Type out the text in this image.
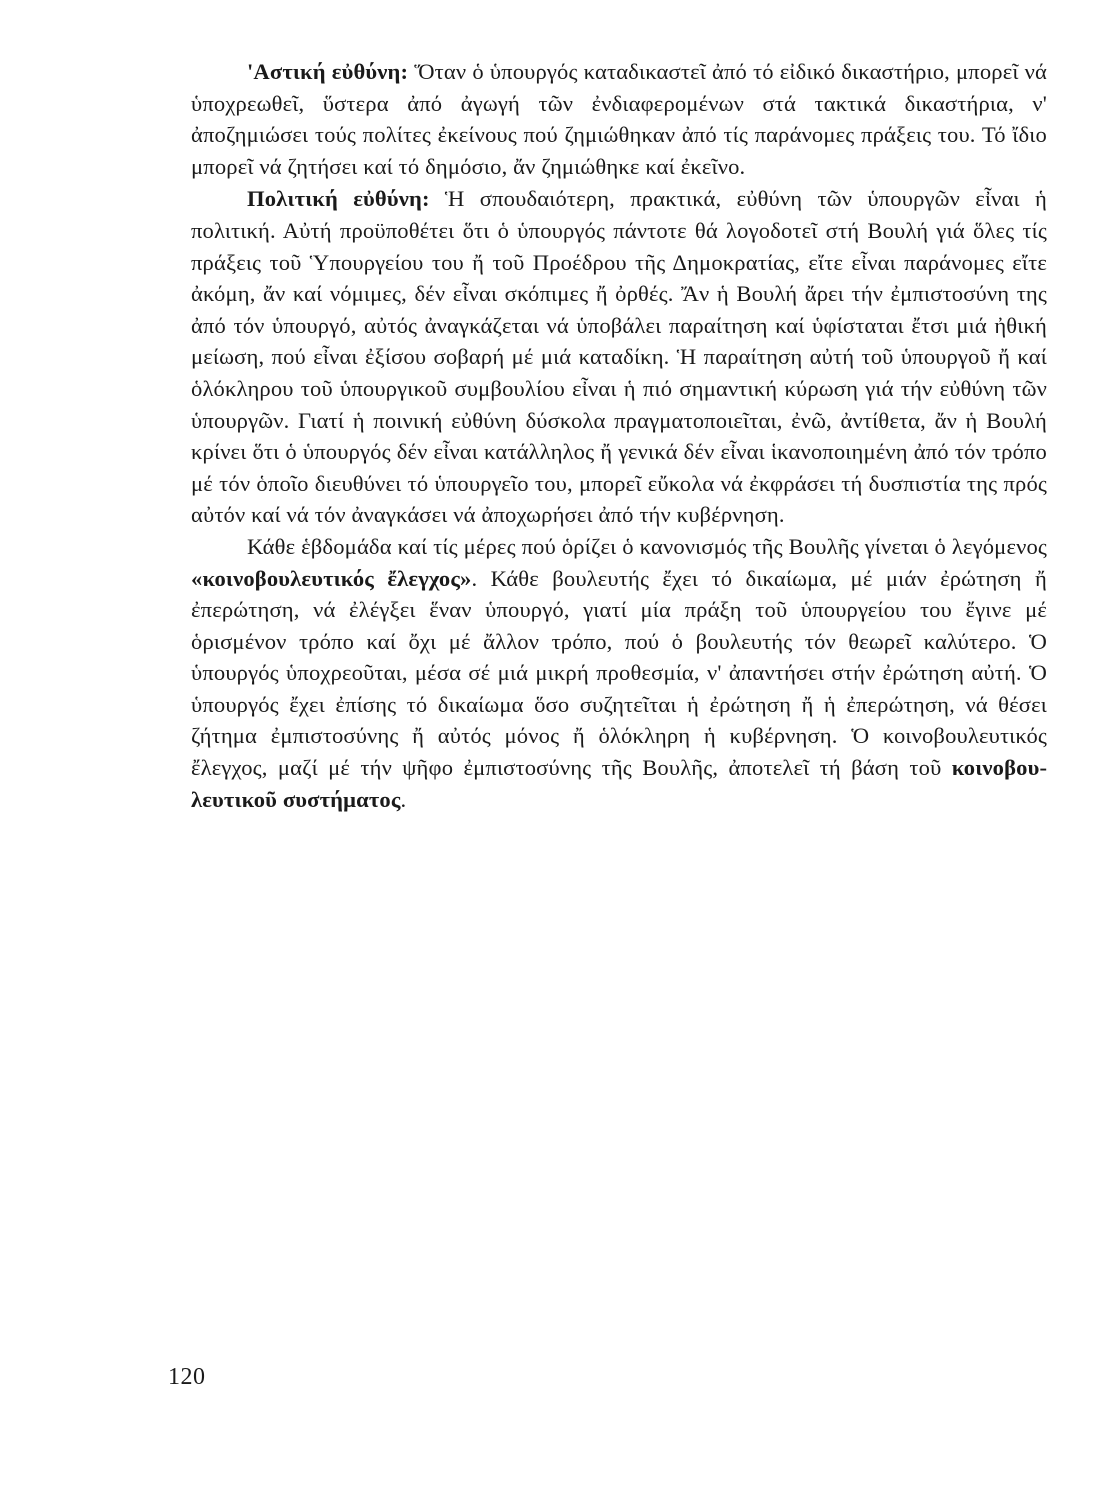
'Αστική εὐθύνη: Ὅταν ὁ ὑπουργός καταδικαστεῖ ἀπό τό εἰδικό δικαστήριο, μπορεῖ νά ὑποχρεωθεῖ, ὕστερα ἀπό ἀγωγή τῶν ἐνδιαφερομένων στά τακτικά δικαστήρια, ν' ἀποζημιώσει τούς πολίτες ἐκείνους πού ζημιώθηκαν ἀπό τίς παράνομες πράξεις του. Τό ἴδιο μπορεῖ νά ζητήσει καί τό δημόσιο, ἄν ζημιώθηκε καί ἐκεῖνο.

Πολιτική εὐθύνη: Ἡ σπουδαιότερη, πρακτικά, εὐθύνη τῶν ὑπουργῶν εἶναι ἡ πολιτική. Αὐτή προϋποθέτει ὅτι ὁ ὑπουργός πάντοτε θά λογοδοτεῖ στή Βουλή γιά ὅλες τίς πράξεις τοῦ Ὑπουργείου του ἤ τοῦ Προέδρου τῆς Δημοκρατίας, εἴτε εἶναι παράνομες εἴτε ἀκόμη, ἄν καί νόμιμες, δέν εἶναι σκόπιμες ἤ ὀρθές. Ἄν ἡ Βουλή ἄρει τήν ἐμπιστοσύνη της ἀπό τόν ὑπουργό, αὐτός ἀναγκάζεται νά ὑποβάλει παραίτηση καί ὑφίσταται ἔτσι μιά ἠθική μείωση, πού εἶναι ἐξίσου σοβαρή μέ μιά καταδίκη. Ἡ παραίτηση αὐτή τοῦ ὑπουργοῦ ἤ καί ὁλόκληρου τοῦ ὑπουργικοῦ συμβουλίου εἶναι ἡ πιό σημαντική κύρωση γιά τήν εὐθύνη τῶν ὑπουργῶν. Γιατί ἡ ποινική εὐθύνη δύσκολα πραγματοποιεῖται, ἐνῶ, ἀντίθετα, ἄν ἡ Βουλή κρίνει ὅτι ὁ ὑπουργός δέν εἶναι κατάλληλος ἤ γενικά δέν εἶναι ἱκανοποιημένη ἀπό τόν τρόπο μέ τόν ὁποῖο διευθύνει τό ὑπουργεῖο του, μπορεῖ εὔκολα νά ἐκφράσει τή δυσπιστία της πρός αὐτόν καί νά τόν ἀναγκάσει νά ἀποχωρήσει ἀπό τήν κυβέρνηση.

Κάθε ἑβδομάδα καί τίς μέρες πού ὁρίζει ὁ κανονισμός τῆς Βουλῆς γίνεται ὁ λεγόμενος «κοινοβουλευτικός ἔλεγχος». Κάθε βουλευτής ἔχει τό δικαίωμα, μέ μιάν ἐρώτηση ἤ ἐπερώτηση, νά ἐλέγξει ἕναν ὑπουργό, γιατί μία πράξη τοῦ ὑπουργείου του ἔγινε μέ ὁρισμένον τρόπο καί ὄχι μέ ἄλλον τρόπο, πού ὁ βουλευτής τόν θεωρεῖ καλύτερο. Ὁ ὑπουργός ὑποχρεοῦται, μέσα σέ μιά μικρή προθεσμία, ν' ἀπαντήσει στήν ἐρώτηση αὐτή. Ὁ ὑπουργός ἔχει ἐπίσης τό δικαίωμα ὅσο συζητεῖται ἡ ἐρώτηση ἤ ἡ ἐπερώτηση, νά θέσει ζήτημα ἐμπιστοσύνης ἤ αὐτός μόνος ἤ ὁλόκληρη ἡ κυβέρνηση. Ὁ κοινοβουλευτικός ἔλεγχος, μαζί μέ τήν ψῆφο ἐμπιστοσύνης τῆς Βουλῆς, ἀποτελεῖ τή βάση τοῦ κοινοβουλευτικοῦ συστήματος.

120
